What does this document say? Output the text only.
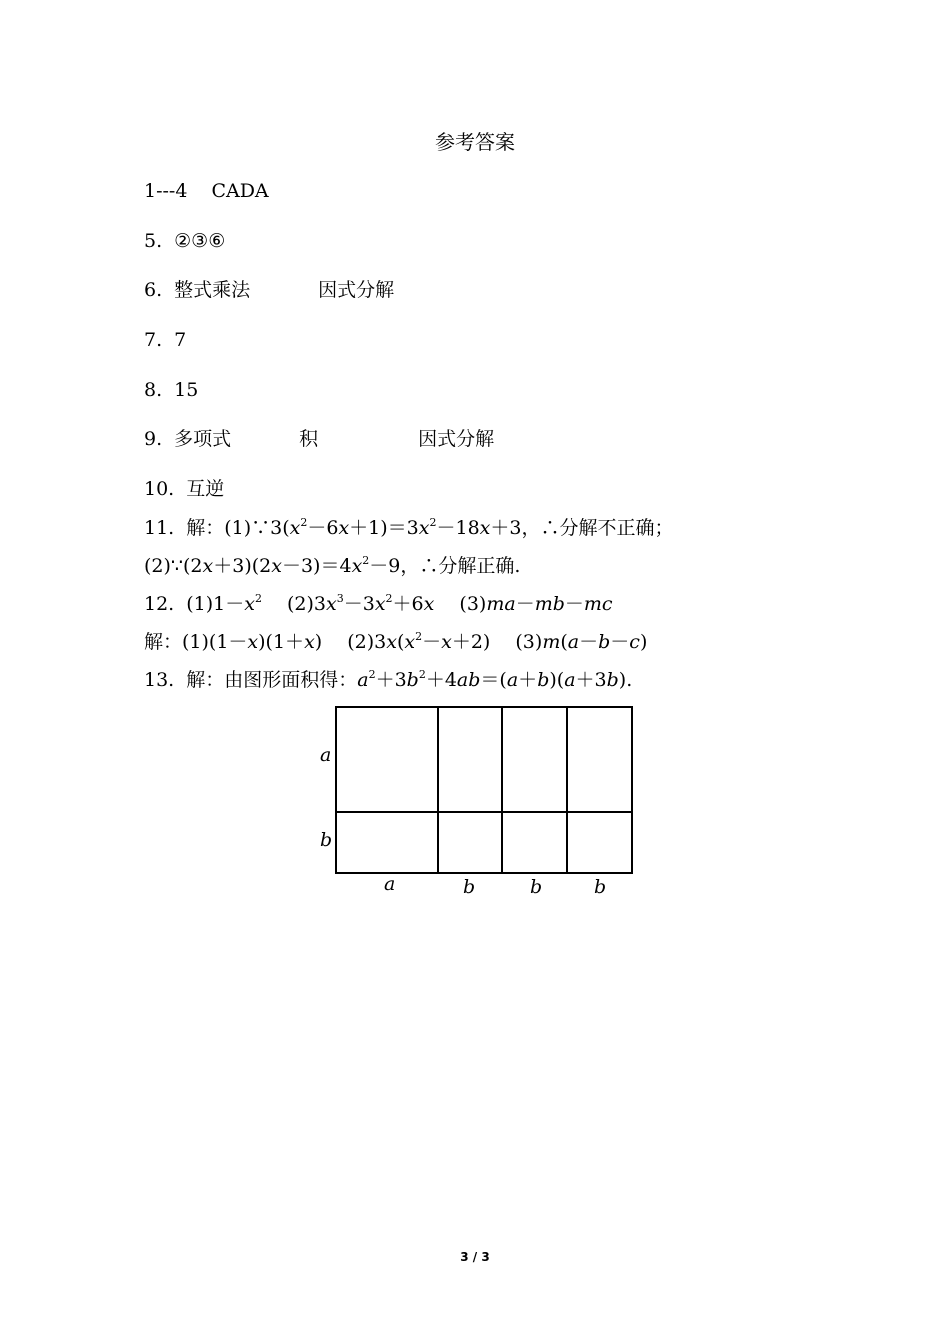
参考答案
1---4 CADA
5. ②③⑥
6. 整式乘法	因式分解
7. 7
8. 15
9. 多项式	积	因式分解
10. 互逆
11. 解：$(1)\because 3(x^2-6x+1)=3x^2-18x+3$，∴分解不正确；
$(2)\because(2x+3)(2x-3)=4x^2-9$，∴分解正确.
12. $(1)1-x^2$　 $(2)3x^3-3x^2+6x$　 (3)ma－mb－mc
解：(1)(1－x)(1＋x)　 $(2)3x(x^2-x+2)$　 (3)m(a－b－c)
13. 解：由图形面积得：$a^2+3b^2+4ab=(a+b)(a+3b)$.
a
b
a	b	b	b
3 / 3
